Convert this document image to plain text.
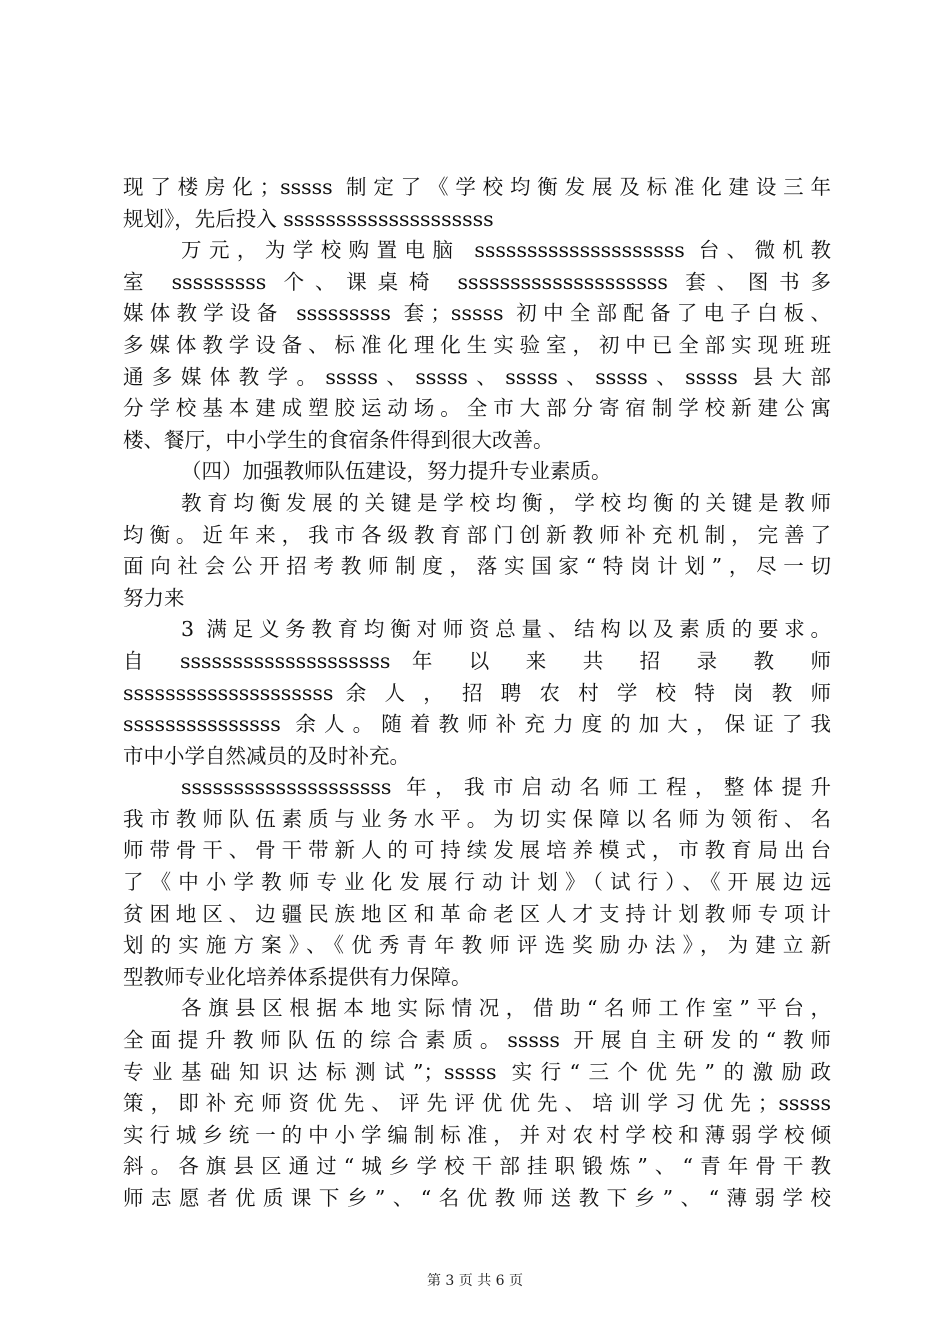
现了楼房化；sssss 制定了《学校均衡发展及标准化建设三年
规划》，先后投入 ssssssssssssssssssss
万元，为学校购置电脑 ssssssssssssssssssss 台、微机教
室 sssssssss 个、课桌椅 ssssssssssssssssssss 套、图书多
媒体教学设备 sssssssss 套；sssss 初中全部配备了电子白板、
多媒体教学设备、标准化理化生实验室，初中已全部实现班班
通多媒体教学。sssss、sssss、sssss、sssss、sssss 县大部
分学校基本建成塑胶运动场。全市大部分寄宿制学校新建公寓
楼、餐厅，中小学生的食宿条件得到很大改善。
（四）加强教师队伍建设，努力提升专业素质。
教育均衡发展的关键是学校均衡，学校均衡的关键是教师
均衡。近年来，我市各级教育部门创新教师补充机制，完善了
面向社会公开招考教师制度，落实国家“特岗计划”，尽一切
努力来
3 满足义务教育均衡对师资总量、结构以及素质的要求。
自 ssssssssssssssssssss 年 以 来 共 招 录 教 师
ssssssssssssssssssss 余 人 ， 招 聘 农 村 学 校 特 岗 教 师
sssssssssssssss 余人。随着教师补充力度的加大，保证了我
市中小学自然减员的及时补充。
ssssssssssssssssssss 年，我市启动名师工程，整体提升
我市教师队伍素质与业务水平。为切实保障以名师为领衔、名
师带骨干、骨干带新人的可持续发展培养模式，市教育局出台
了《中小学教师专业化发展行动计划》（试行）、《开展边远
贫困地区、边疆民族地区和革命老区人才支持计划教师专项计
划的实施方案》、《优秀青年教师评选奖励办法》，为建立新
型教师专业化培养体系提供有力保障。
各旗县区根据本地实际情况，借助“名师工作室”平台，
全面提升教师队伍的综合素质。sssss 开展自主研发的“教师
专业基础知识达标测试”；sssss 实行“三个优先”的激励政
策，即补充师资优先、评先评优优先、培训学习优先；sssss
实行城乡统一的中小学编制标准，并对农村学校和薄弱学校倾
斜。各旗县区通过“城乡学校干部挂职锻炼”、“青年骨干教
师志愿者优质课下乡”、“名优教师送教下乡”、“薄弱学校
第 3 页 共 6 页
